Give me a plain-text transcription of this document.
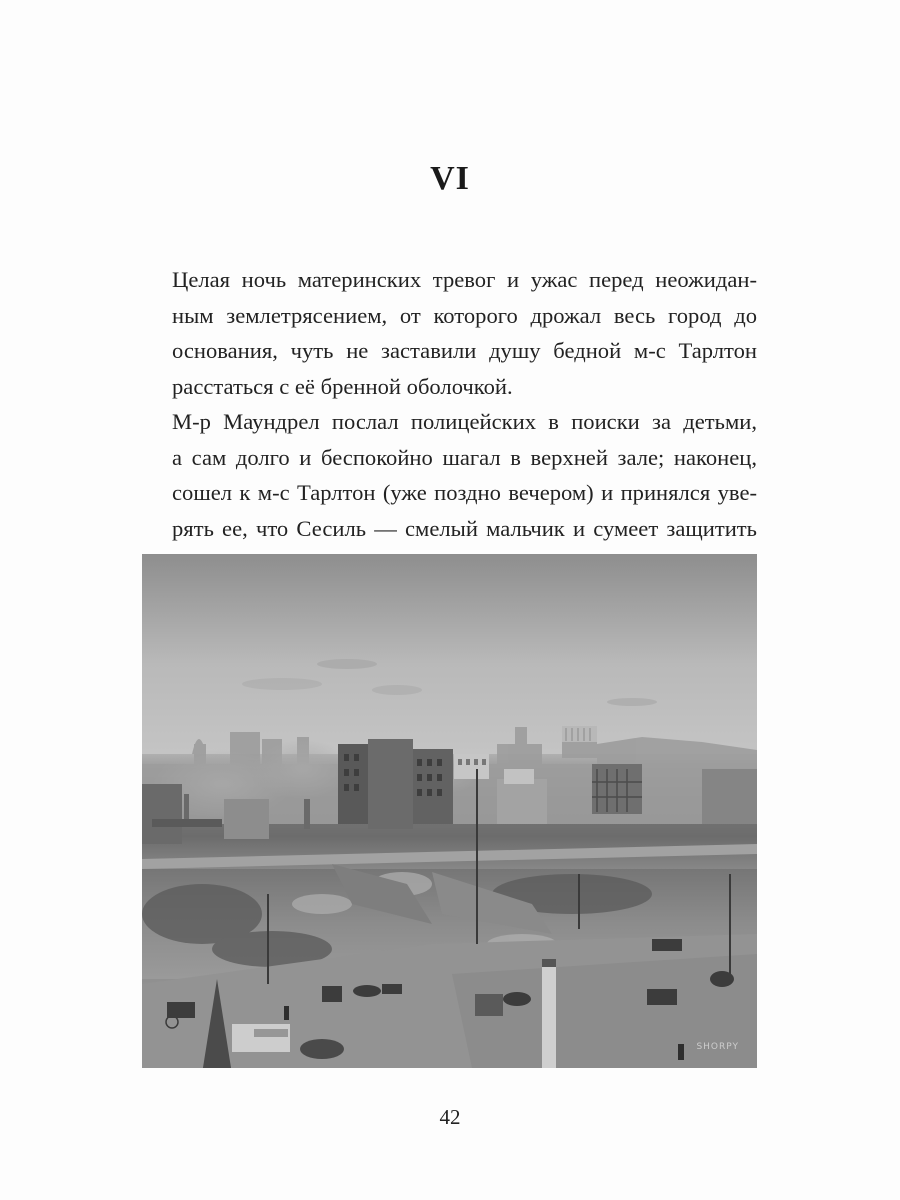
VI
Целая ночь материнских тревог и ужас перед неожидан-
ным землетрясением, от которого дрожал весь город до
основания, чуть не заставили душу бедной м-с Тарлтон
расстаться с её бренной оболочкой.
М-р Маундрел послал полицейских в поиски за детьми,
а сам долго и беспокойно шагал в верхней зале; наконец,
сошел к м-с Тарлтон (уже поздно вечером) и принялся уве-
рять ее, что Сесиль — смелый мальчик и сумеет защитить
SHORPY
42
